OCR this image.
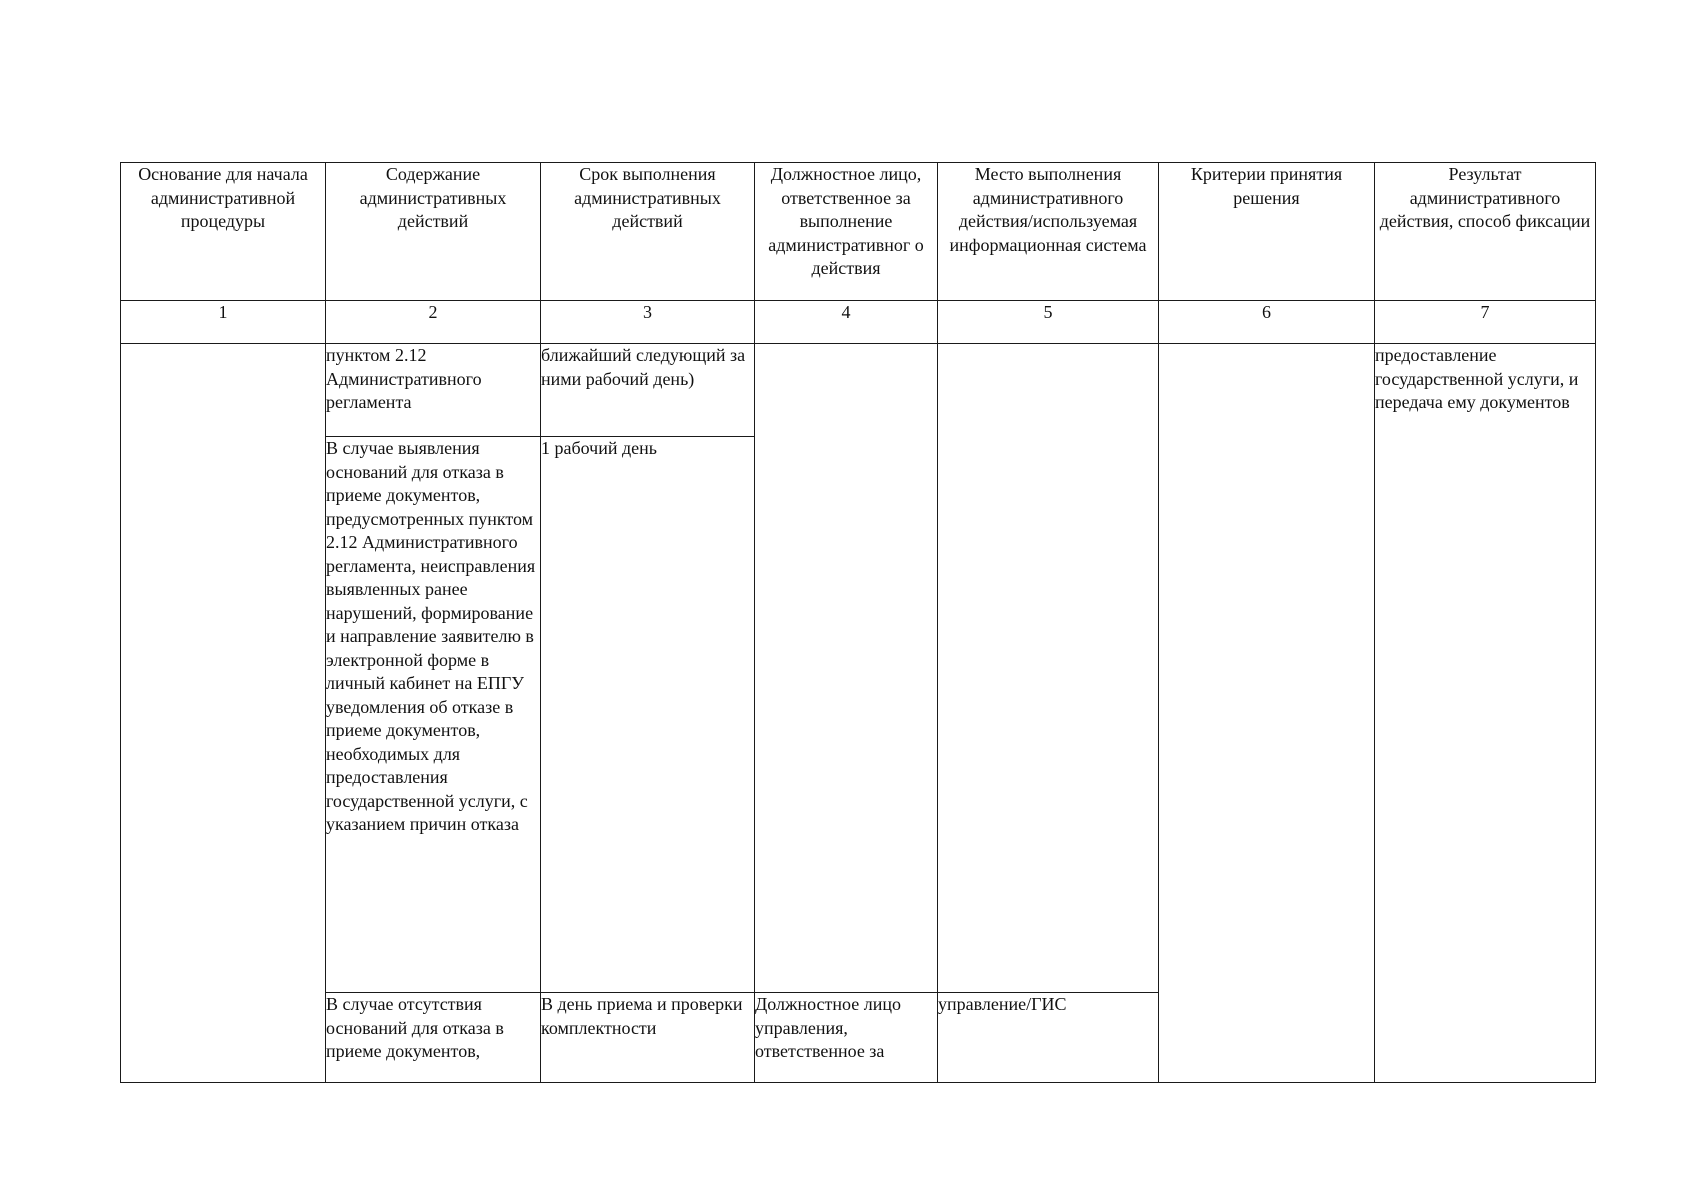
Основание для начала административной процедуры	Содержание административных действий	Срок выполнения административных действий	Должностное лицо, ответственное за выполнение административног о действия	Место выполнения административного действия/используемая информационная система	Критерии принятия решения	Результат административного действия, способ фиксации
1	2	3	4	5	6	7
	пунктом 2.12 Административного регламента	ближайший следующий за ними рабочий день)				предоставление государственной услуги, и передача ему документов
	В случае выявления оснований для отказа в приеме документов, предусмотренных пунктом 2.12 Административного регламента, неисправления выявленных ранее нарушений, формирование и направление заявителю в электронной форме в личный кабинет на ЕПГУ уведомления об отказе в приеме документов, необходимых для предоставления государственной услуги, с указанием причин отказа	1 рабочий день				
	В случае отсутствия оснований для отказа в приеме документов,	В день приема и проверки комплектности	Должностное лицо управления, ответственное за	управление/ГИС		
